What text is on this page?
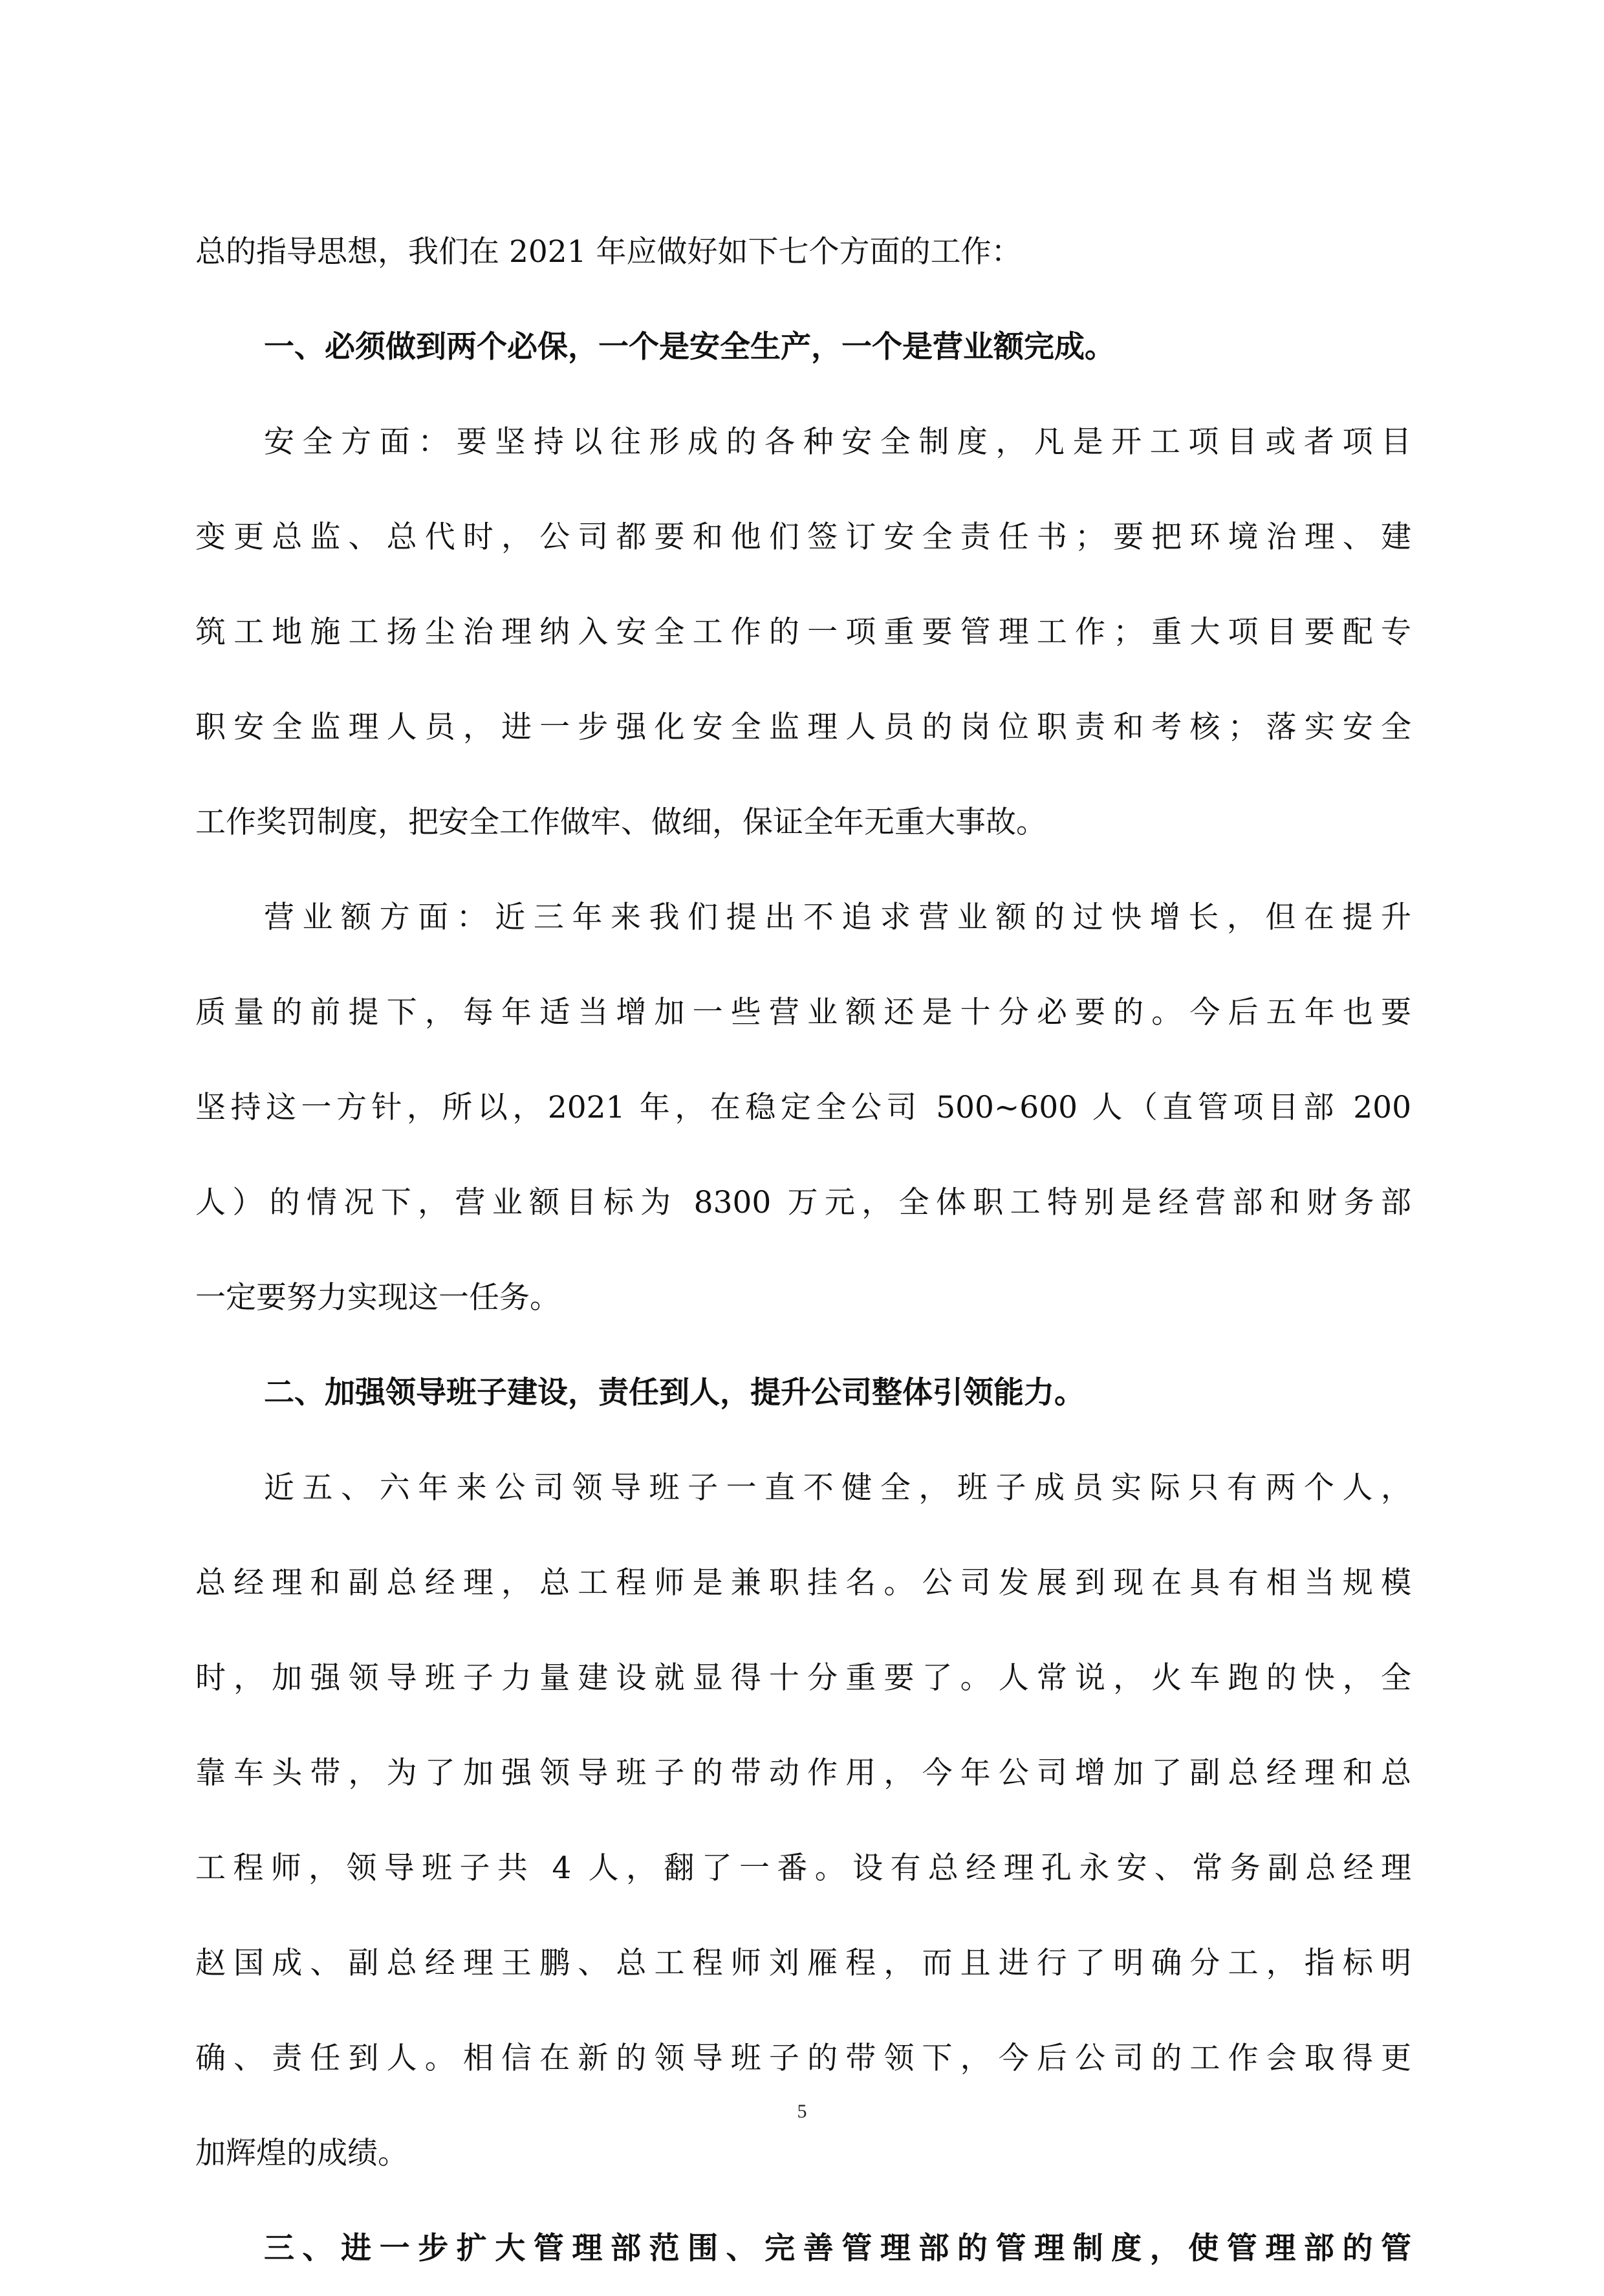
总的指导思想，我们在 2021 年应做好如下七个方面的工作：
一、必须做到两个必保，一个是安全生产，一个是营业额完成。
安全方面：要坚持以往形成的各种安全制度，凡是开工项目或者项目
变更总监、总代时，公司都要和他们签订安全责任书；要把环境治理、建
筑工地施工扬尘治理纳入安全工作的一项重要管理工作；重大项目要配专
职安全监理人员，进一步强化安全监理人员的岗位职责和考核；落实安全
工作奖罚制度，把安全工作做牢、做细，保证全年无重大事故。
营业额方面：近三年来我们提出不追求营业额的过快增长，但在提升
质量的前提下，每年适当增加一些营业额还是十分必要的。今后五年也要
坚持这一方针，所以，2021 年，在稳定全公司 500~600 人（直管项目部 200
人）的情况下，营业额目标为 8300 万元，全体职工特别是经营部和财务部
一定要努力实现这一任务。
二、加强领导班子建设，责任到人，提升公司整体引领能力。
近五、六年来公司领导班子一直不健全，班子成员实际只有两个人，
总经理和副总经理，总工程师是兼职挂名。公司发展到现在具有相当规模
时，加强领导班子力量建设就显得十分重要了。人常说，火车跑的快，全
靠车头带，为了加强领导班子的带动作用，今年公司增加了副总经理和总
工程师，领导班子共 4 人，翻了一番。设有总经理孔永安、常务副总经理
赵国成、副总经理王鹏、总工程师刘雁程，而且进行了明确分工，指标明
确、责任到人。相信在新的领导班子的带领下，今后公司的工作会取得更
加辉煌的成绩。
三、进一步扩大管理部范围、完善管理部的管理制度，使管理部的管
5
